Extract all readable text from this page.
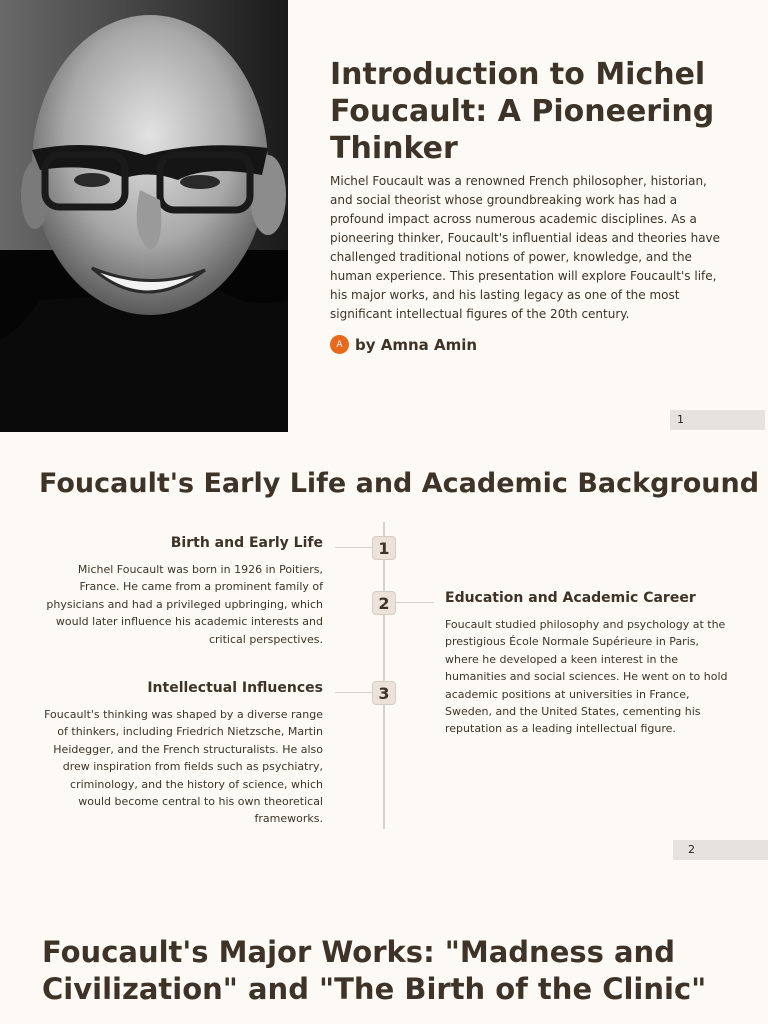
Introduction to Michel Foucault: A Pioneering Thinker

Michel Foucault was a renowned French philosopher, historian, and social theorist whose groundbreaking work has had a profound impact across numerous academic disciplines. As a pioneering thinker, Foucault's influential ideas and theories have challenged traditional notions of power, knowledge, and the human experience. This presentation will explore Foucault's life, his major works, and his lasting legacy as one of the most significant intellectual figures of the 20th century.

A by Amna Amin
1
Foucault's Early Life and Academic Background
1
2
3
Birth and Early Life

Michel Foucault was born in 1926 in Poitiers, France. He came from a prominent family of physicians and had a privileged upbringing, which would later influence his academic interests and critical perspectives.

Education and Academic Career

Foucault studied philosophy and psychology at the prestigious École Normale Supérieure in Paris, where he developed a keen interest in the humanities and social sciences. He went on to hold academic positions at universities in France, Sweden, and the United States, cementing his reputation as a leading intellectual figure.

Intellectual Influences

Foucault's thinking was shaped by a diverse range of thinkers, including Friedrich Nietzsche, Martin Heidegger, and the French structuralists. He also drew inspiration from fields such as psychiatry, criminology, and the history of science, which would become central to his own theoretical frameworks.

2
Foucault's Major Works: "Madness and Civilization" and "The Birth of the Clinic"
